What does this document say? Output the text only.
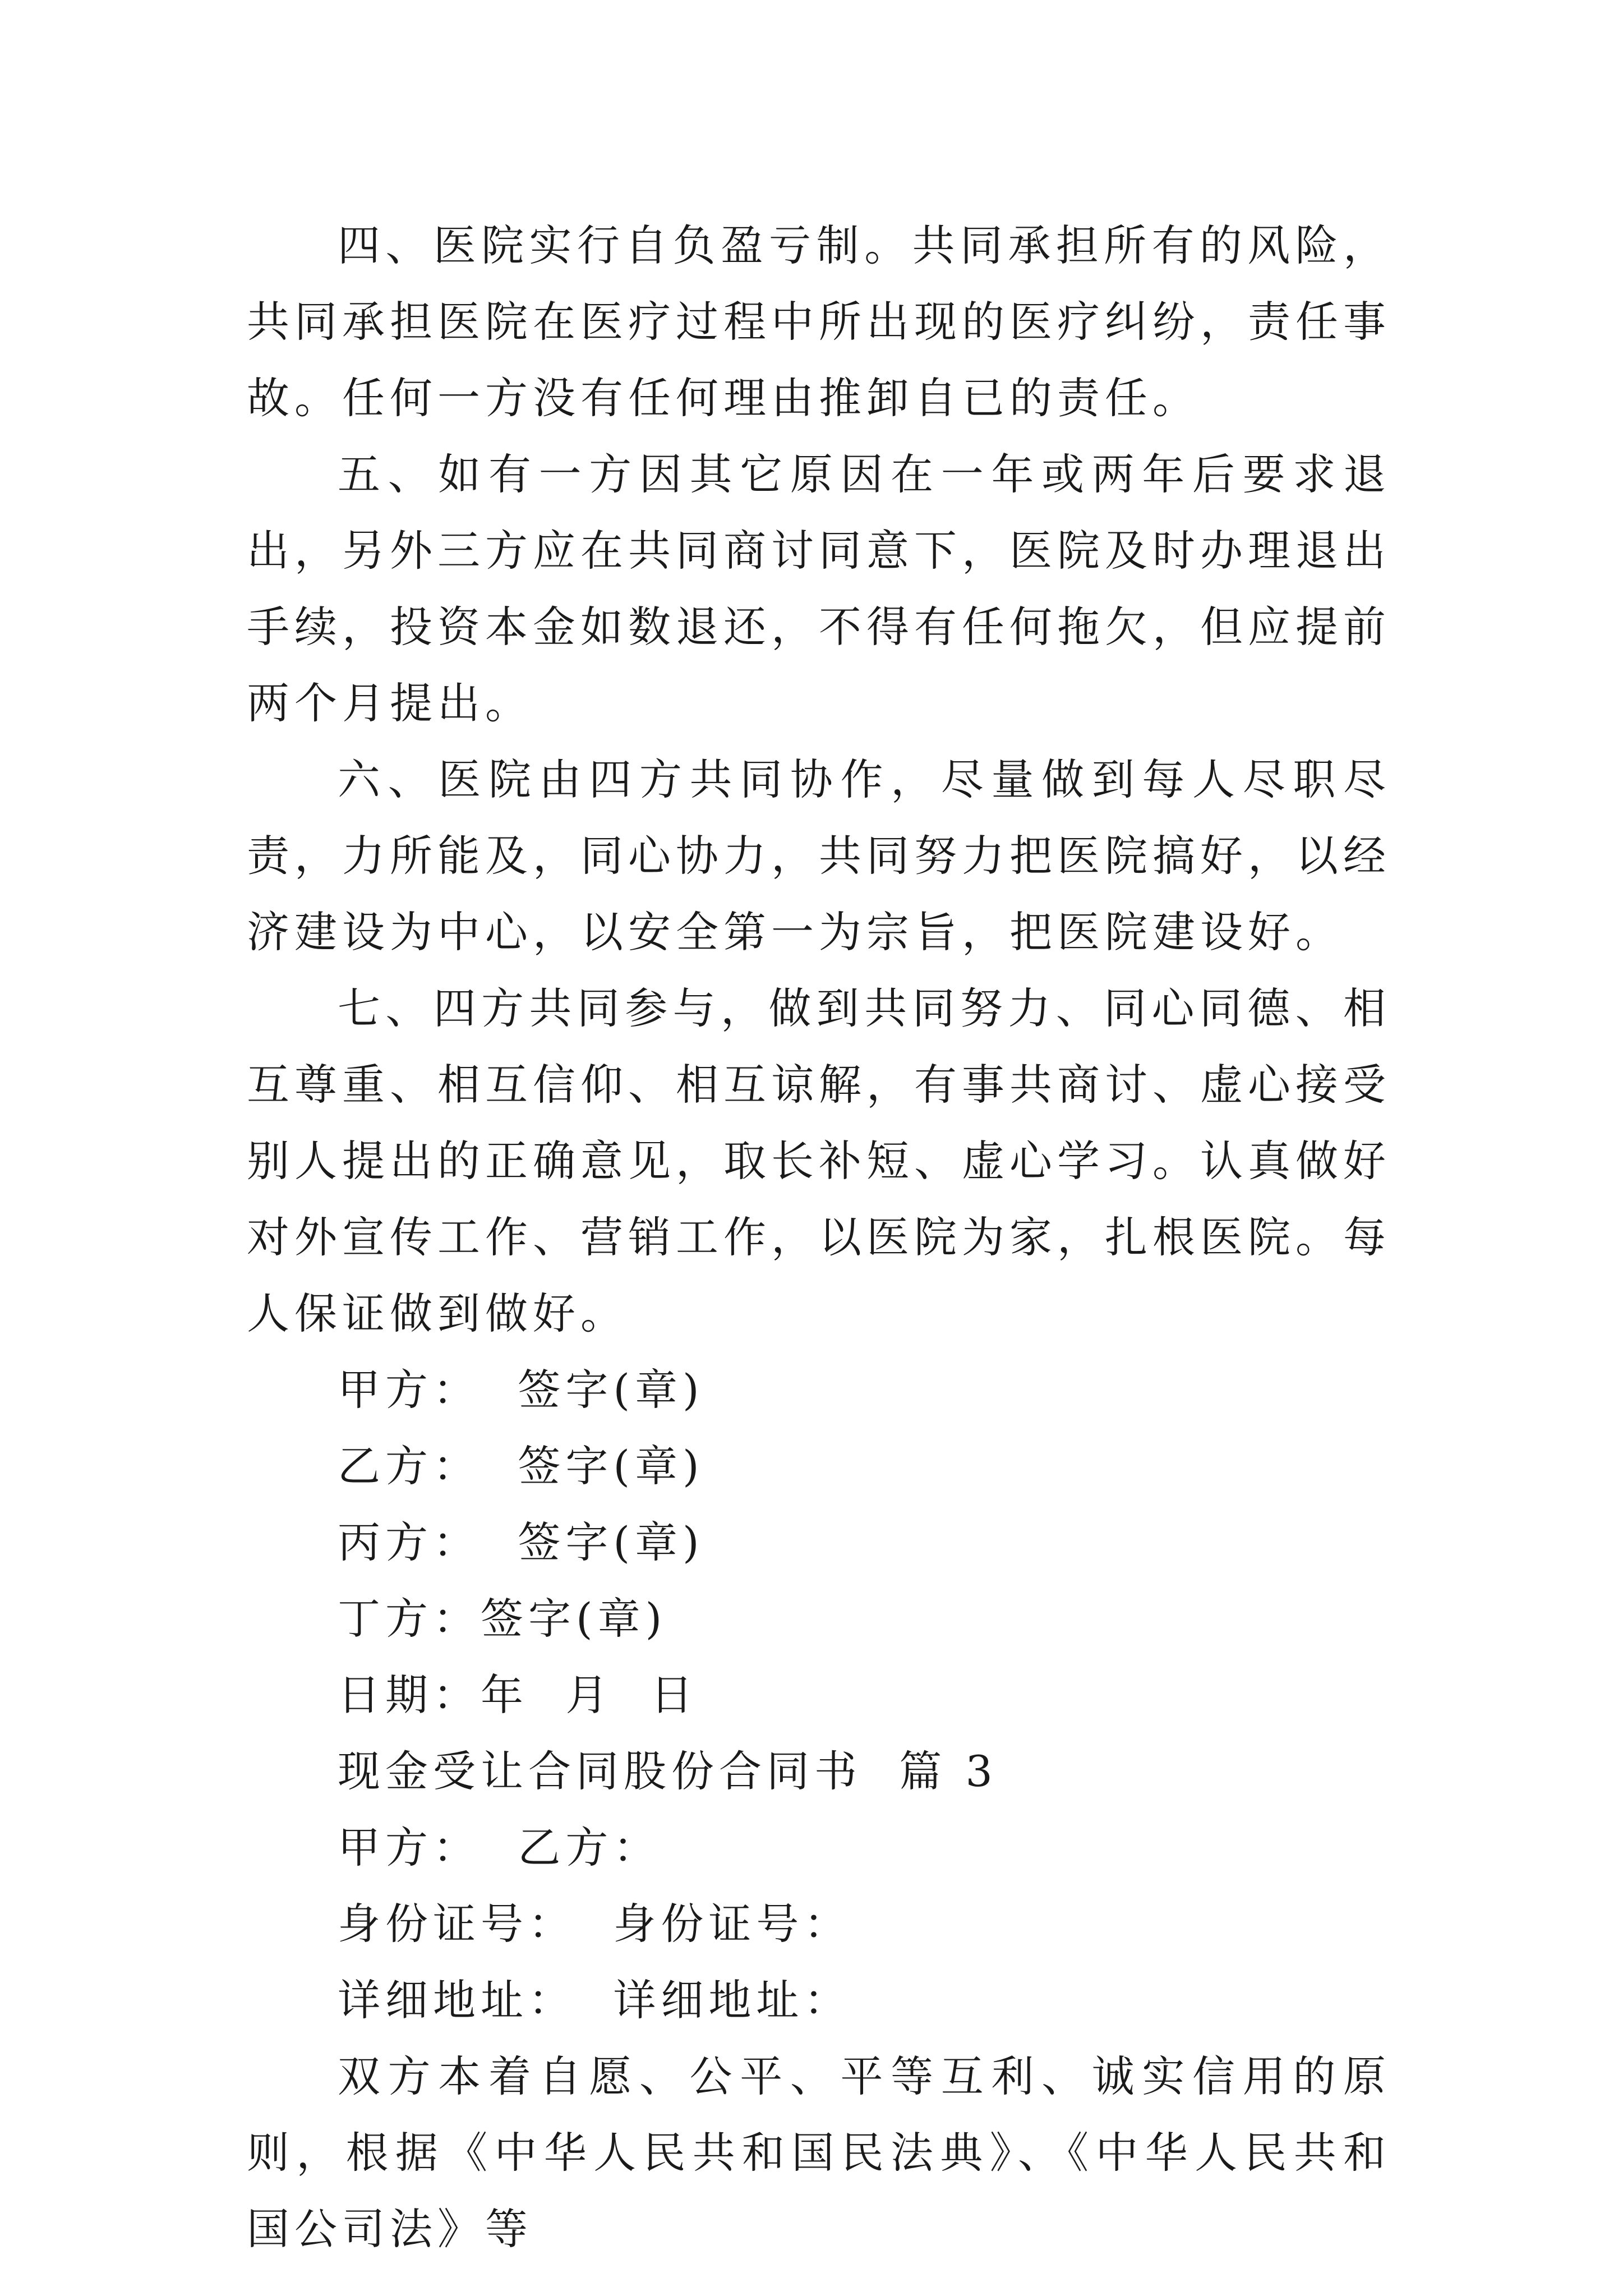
四、医院实行自负盈亏制。共同承担所有的风险，共同承担医院在医疗过程中所出现的医疗纠纷，责任事故。任何一方没有任何理由推卸自已的责任。

五、如有一方因其它原因在一年或两年后要求退出，另外三方应在共同商讨同意下，医院及时办理退出手续，投资本金如数退还，不得有任何拖欠，但应提前两个月提出。

六、医院由四方共同协作，尽量做到每人尽职尽责，力所能及，同心协力，共同努力把医院搞好，以经济建设为中心，以安全第一为宗旨，把医院建设好。

七、四方共同参与，做到共同努力、同心同德、相互尊重、相互信仰、相互谅解，有事共商讨、虚心接受别人提出的正确意见，取长补短、虚心学习。认真做好对外宣传工作、营销工作，以医院为家，扎根医院。每人保证做到做好。

甲方：  签字(章)

乙方：  签字(章)

丙方：  签字(章)

丁方：签字(章)

日期：年  月  日

现金受让合同股份合同书  篇 3

甲方：  乙方：

身份证号：  身份证号：

详细地址：  详细地址：

双方本着自愿、公平、平等互利、诚实信用的原则，根据《中华人民共和国民法典》、《中华人民共和国公司法》等
